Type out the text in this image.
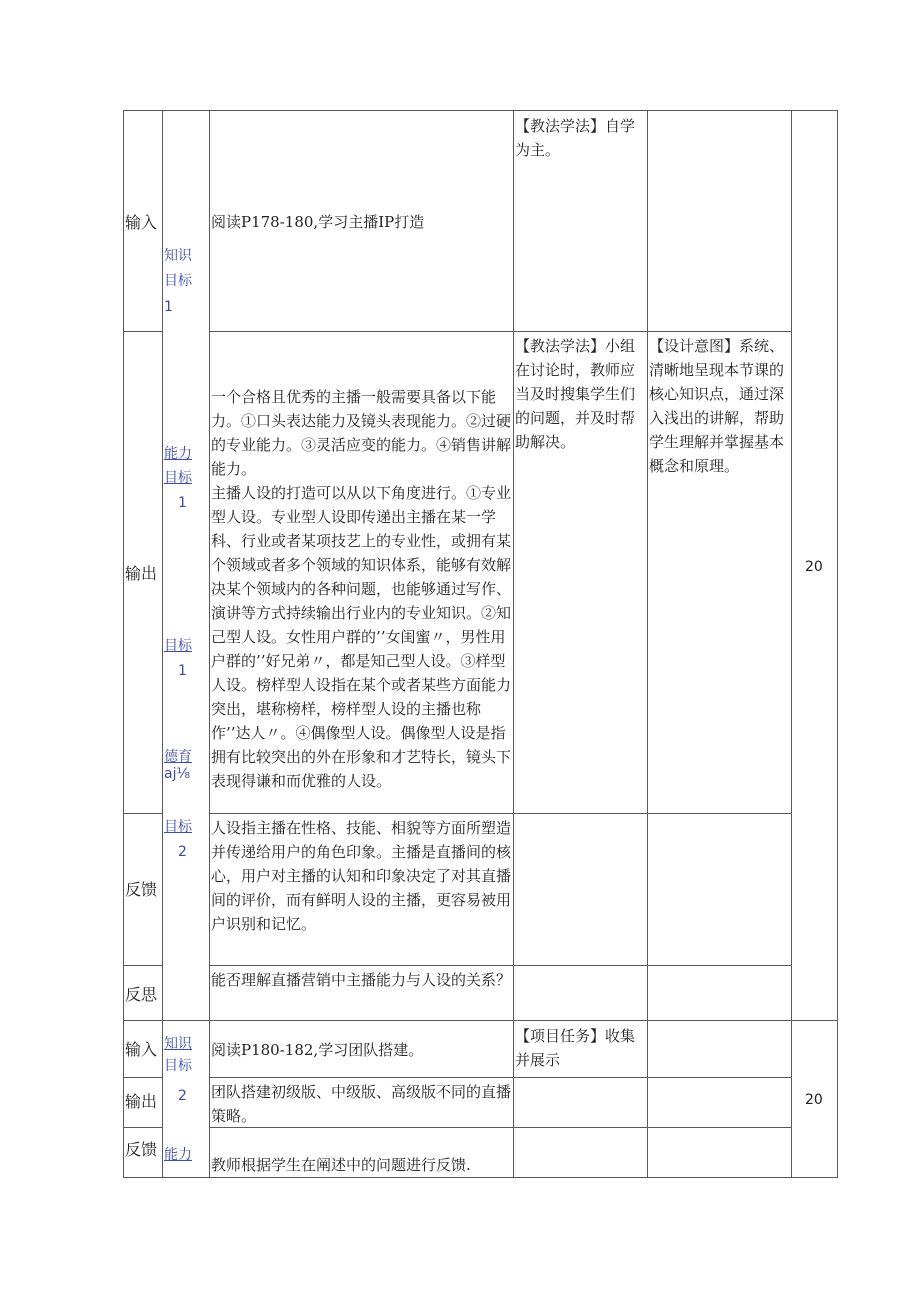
输入
输出
反馈
反思
输入
输出
反馈
知识
目标
1
能力
目标
1
目标
1
德育
aj⅛
目标
2
知识
目标
2
能力
阅读P178-180,学习主播IP打造
一个合格且优秀的主播一般需要具备以下能力。①口头表达能力及镜头表现能力。②过硬的专业能力。③灵活应变的能力。④销售讲解能力。
主播人设的打造可以从以下角度进行。①专业型人设。专业型人设即传递出主播在某一学科、行业或者某项技艺上的专业性，或拥有某个领域或者多个领域的知识体系，能够有效解决某个领域内的各种问题，也能够通过写作、演讲等方式持续输出行业内的专业知识。②知己型人设。女性用户群的’’女闺蜜〃，男性用户群的’’好兄弟〃，都是知己型人设。③样型人设。榜样型人设指在某个或者某些方面能力突出，堪称榜样，榜样型人设的主播也称作’’达人〃。④偶像型人设。偶像型人设是指拥有比较突出的外在形象和才艺特长，镜头下表现得谦和而优雅的人设。
人设指主播在性格、技能、相貌等方面所塑造并传递给用户的角色印象。主播是直播间的核心，用户对主播的认知和印象决定了对其直播间的评价，而有鲜明人设的主播，更容易被用户识别和记忆。
能否理解直播营销中主播能力与人设的关系？
阅读P180-182,学习团队搭建。
团队搭建初级版、中级版、高级版不同的直播策略。
教师根据学生在阐述中的问题进行反馈.
【教法学法】自学为主。
【教法学法】小组在讨论时，教师应当及时搜集学生们的问题，并及时帮助解决。
【项目任务】收集并展示
【设计意图】系统、清晰地呈现本节课的核心知识点，通过深入浅出的讲解，帮助学生理解并掌握基本概念和原理。
20
20
